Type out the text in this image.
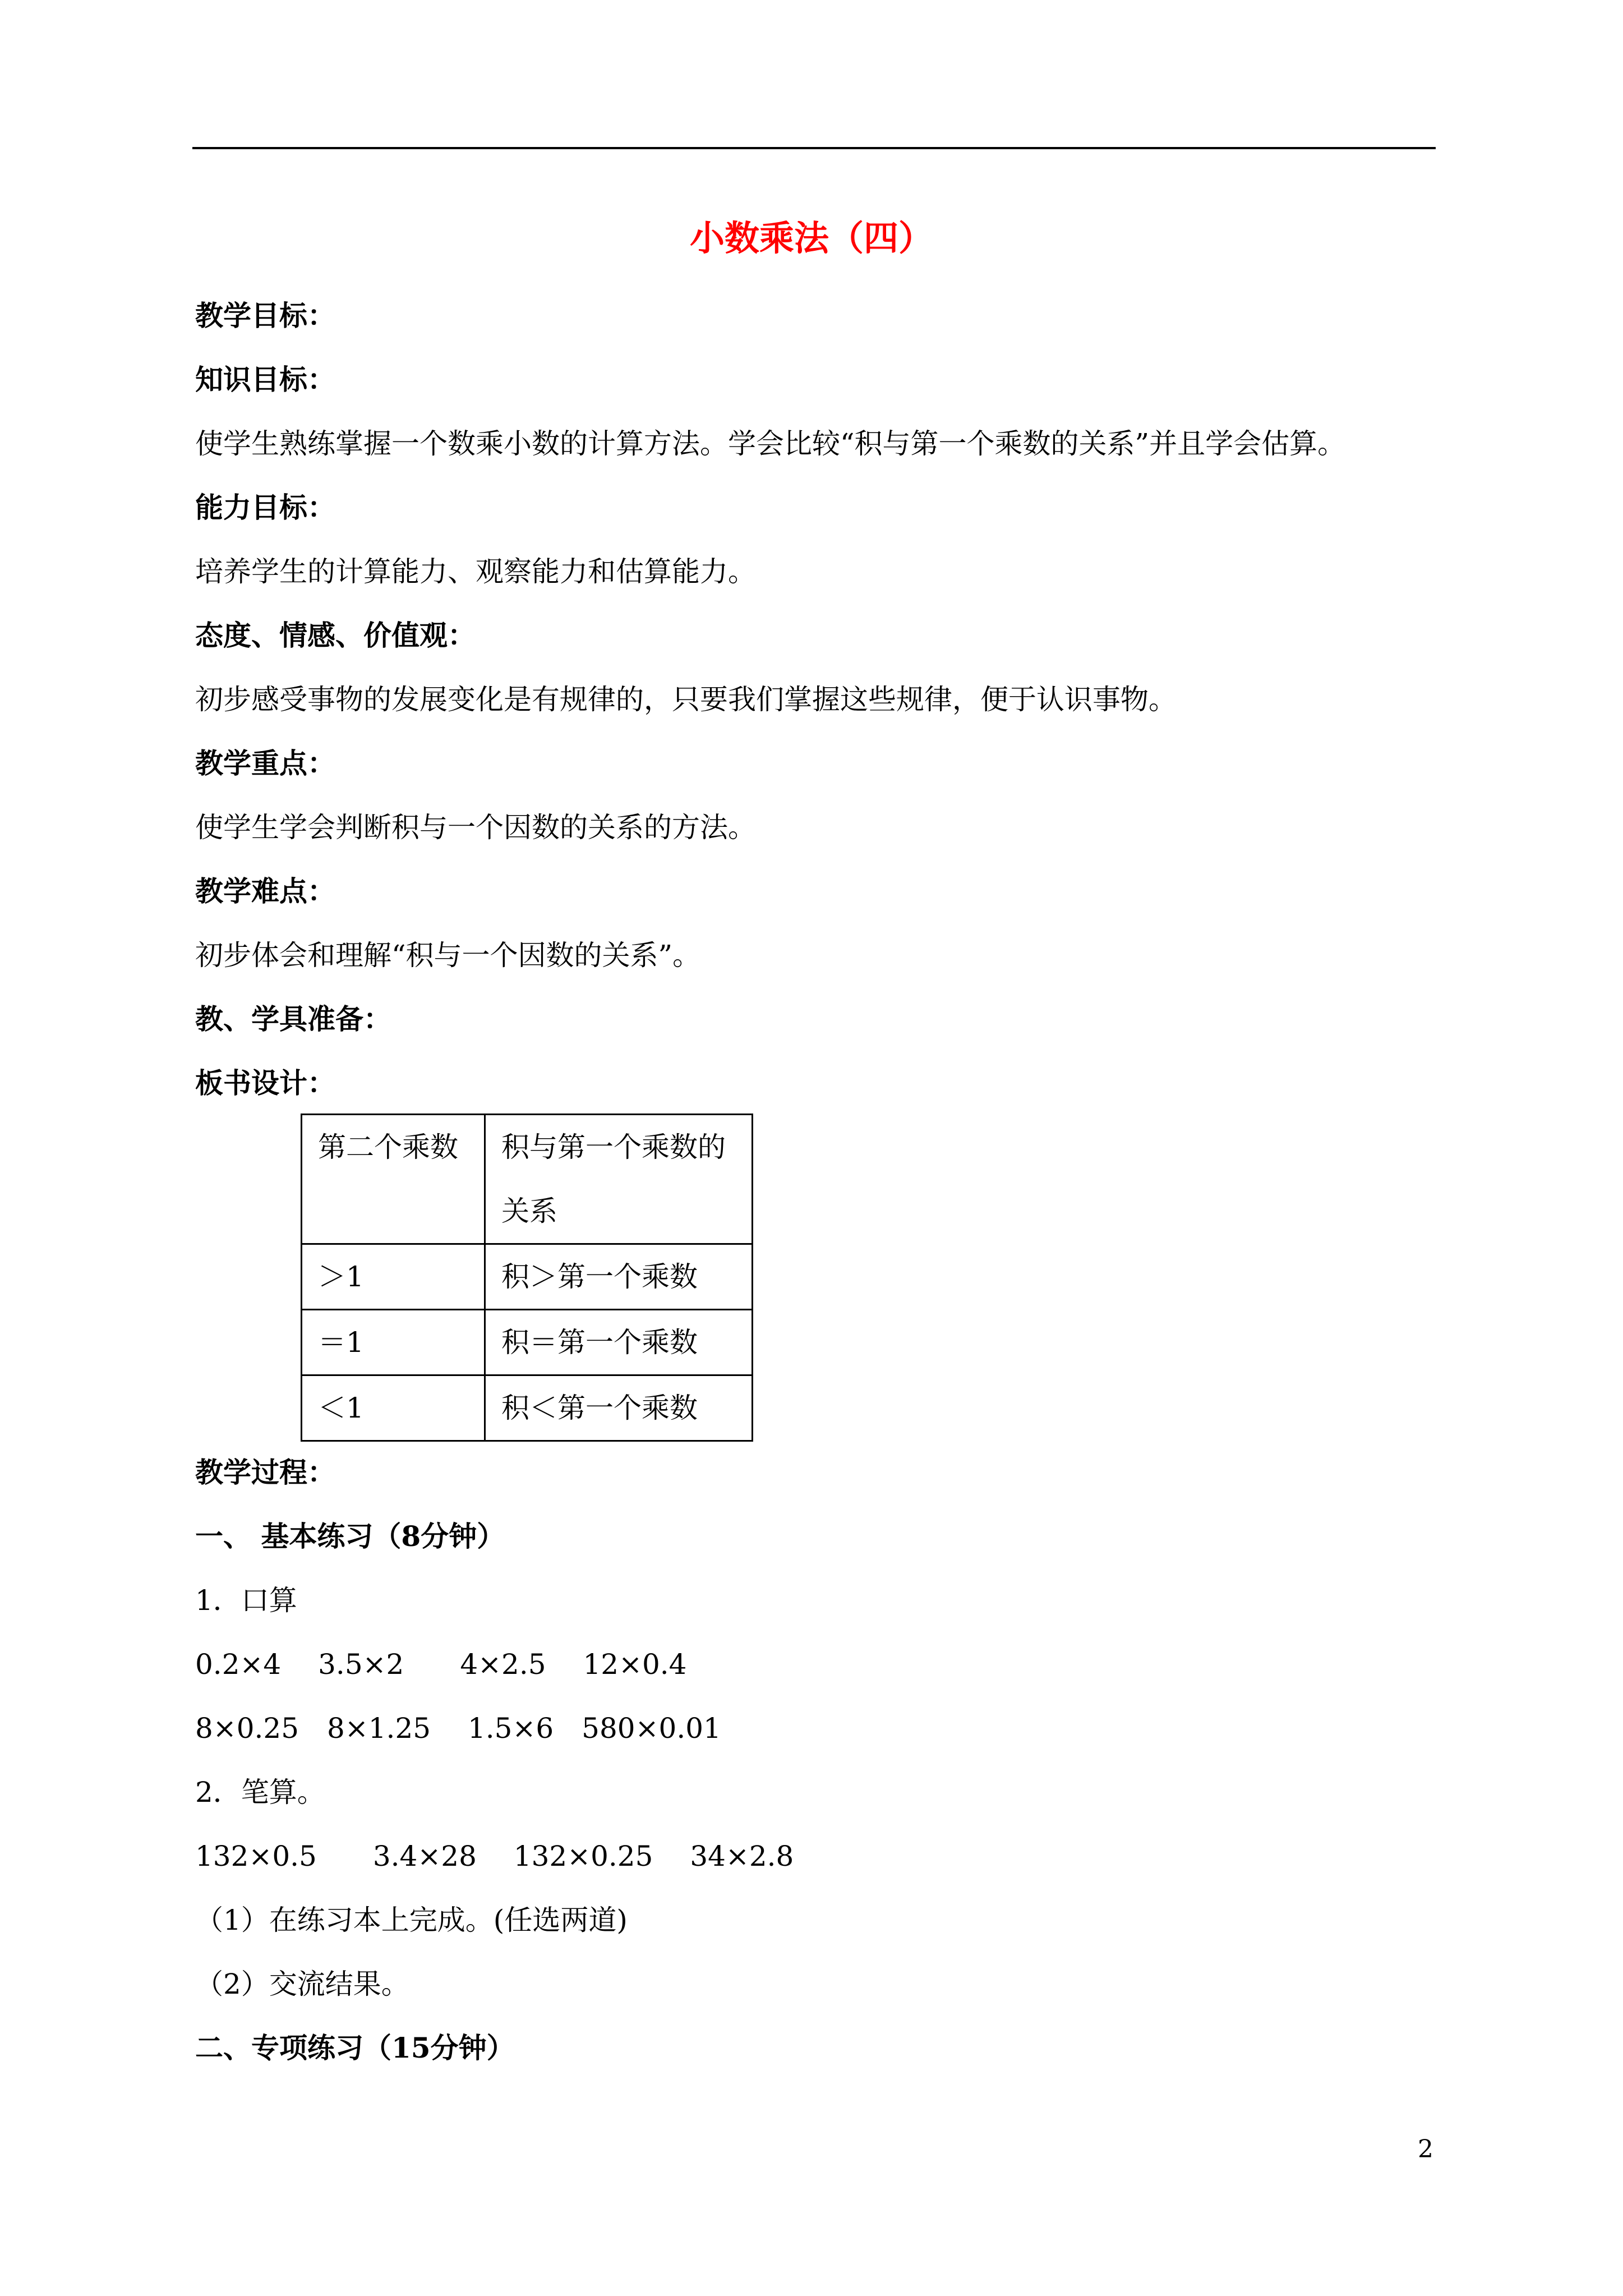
小数乘法（四）
教学目标：
知识目标：
使学生熟练掌握一个数乘小数的计算方法。学会比较“积与第一个乘数的关系”并且学会估算。
能力目标：
培养学生的计算能力、观察能力和估算能力。
态度、情感、价值观：
初步感受事物的发展变化是有规律的，只要我们掌握这些规律，便于认识事物。
教学重点：
使学生学会判断积与一个因数的关系的方法。
教学难点：
初步体会和理解“积与一个因数的关系”。
教、学具准备：
板书设计：
第二个乘数	积与第一个乘数的
关系

＞1	积＞第一个乘数
＝1	积＝第一个乘数
＜1	积＜第一个乘数
教学过程：
一、 基本练习（8分钟）
1．口算
0.2×4　 3.5×2　　4×2.5　 12×0.4
8×0.25　8×1.25　 1.5×6　580×0.01
2．笔算。
132×0.5　　3.4×28　 132×0.25　 34×2.8
（1）在练习本上完成。(任选两道)
（2）交流结果。
二、专项练习（15分钟）
2
